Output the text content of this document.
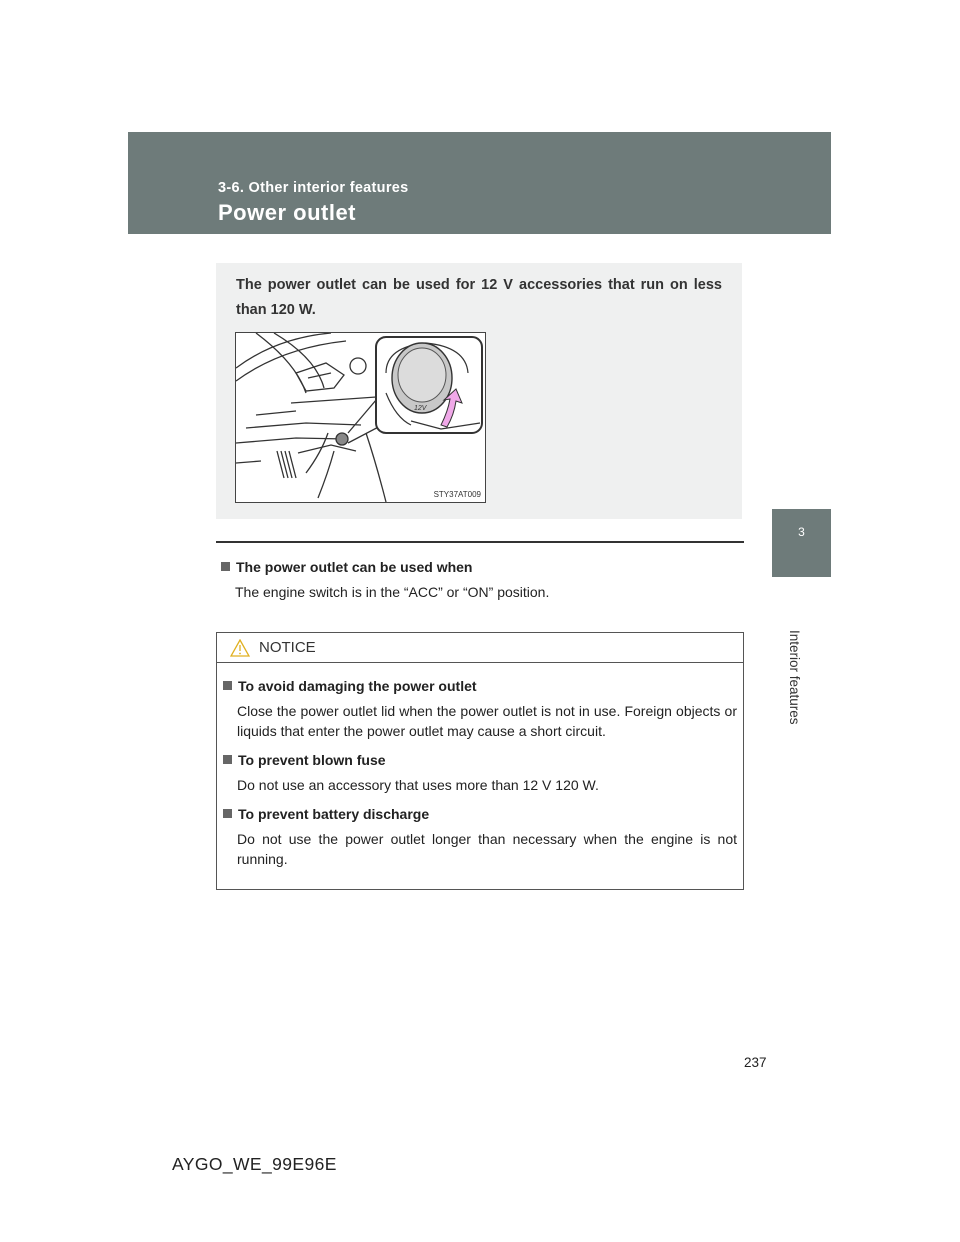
3-6. Other interior features
Power outlet
3
Interior features
The power outlet can be used for 12 V accessories that run on less than 120 W.
12V
STY37AT009
The power outlet can be used when
The engine switch is in the “ACC” or “ON” position.
NOTICE
To avoid damaging the power outlet
Close the power outlet lid when the power outlet is not in use. Foreign objects or liquids that enter the power outlet may cause a short circuit.
To prevent blown fuse
Do not use an accessory that uses more than 12 V 120 W.
To prevent battery discharge
Do not use the power outlet longer than necessary when the engine is not running.
237
AYGO_WE_99E96E
